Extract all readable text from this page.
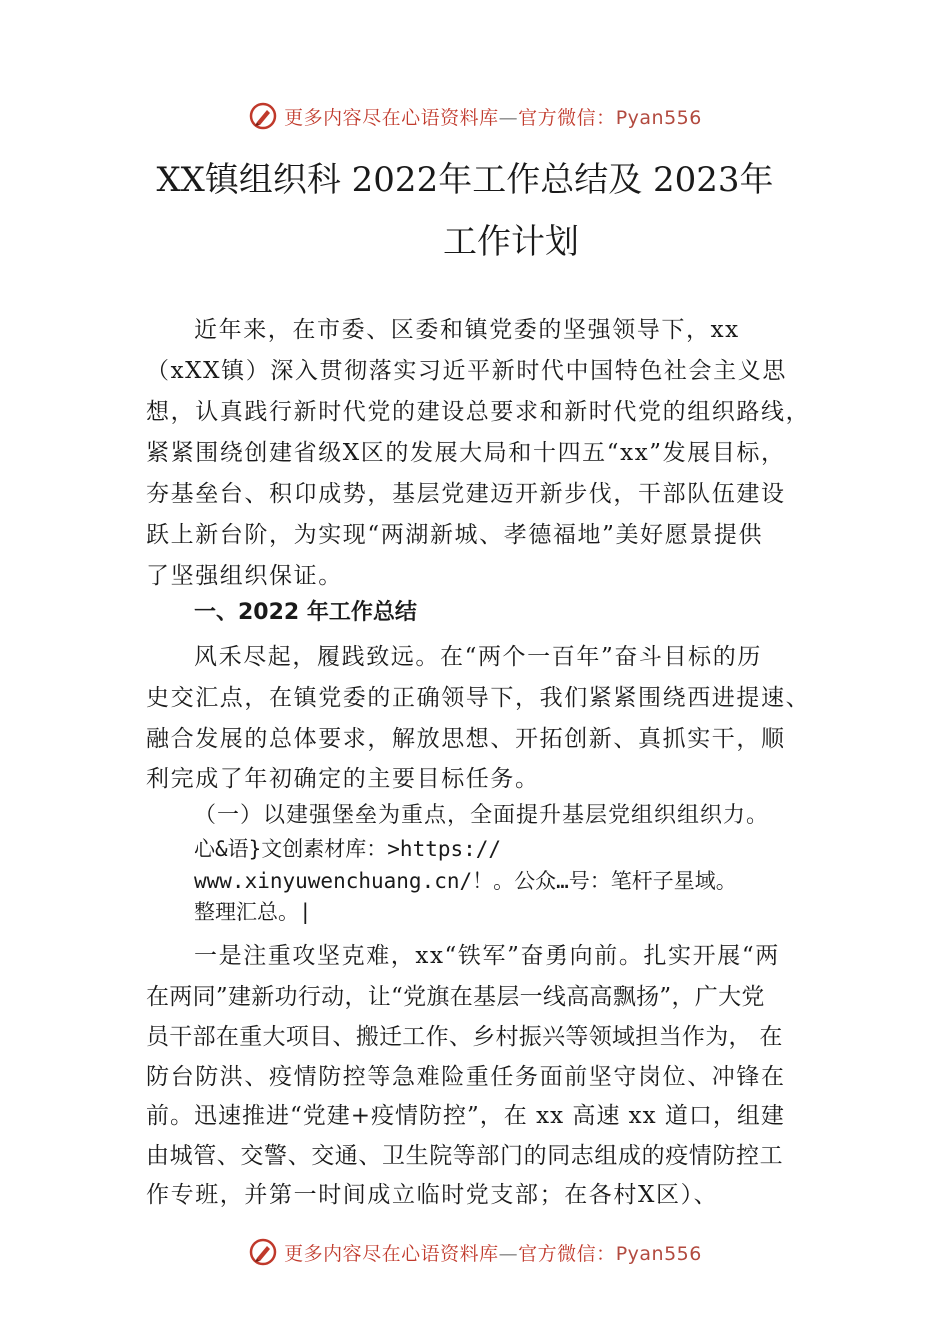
更多内容尽在心语资料库—官方微信：Pyan556
XX镇组织科 2022年工作总结及 2023年
工作计划
近年来，在市委、区委和镇党委的坚强领导下，xx
（xXX镇）深入贯彻落实习近平新时代中国特色社会主义思
想，认真践行新时代党的建设总要求和新时代党的组织路线，
紧紧围绕创建省级X区的发展大局和十四五“xx”发展目标，
夯基垒台、积卬成势，基层党建迈开新步伐，干部队伍建设
跃上新台阶，为实现“两湖新城、孝德福地”美好愿景提供
了坚强组织保证。
一、2022 年工作总结
风禾尽起，履践致远。在“两个一百年”奋斗目标的历
史交汇点，在镇党委的正确领导下，我们紧紧围绕西进提速、
融合发展的总体要求，解放思想、开拓创新、真抓实干，顺
利完成了年初确定的主要目标任务。
（一）以建强堡垒为重点，全面提升基层党组织组织力。
心&语}文创素材库：>https://
www.xinyuwenchuang.cn/！。公众…号：笔杆子星域。
整理汇总。|
一是注重攻坚克难，xx“铁军”奋勇向前。扎实开展“两
在两同”建新功行动，让“党旗在基层一线高高飘扬”，广大党
员干部在重大项目、搬迁工作、乡村振兴等领域担当作为， 在
防台防洪、疫情防控等急难险重任务面前坚守岗位、冲锋在
前。迅速推进“党建+疫情防控”，在 xx 高速 xx 道口，组建
由城管、交警、交通、卫生院等部门的同志组成的疫情防控工
作专班，并第一时间成立临时党支部；在各村X区）、
更多内容尽在心语资料库—官方微信：Pyan556
